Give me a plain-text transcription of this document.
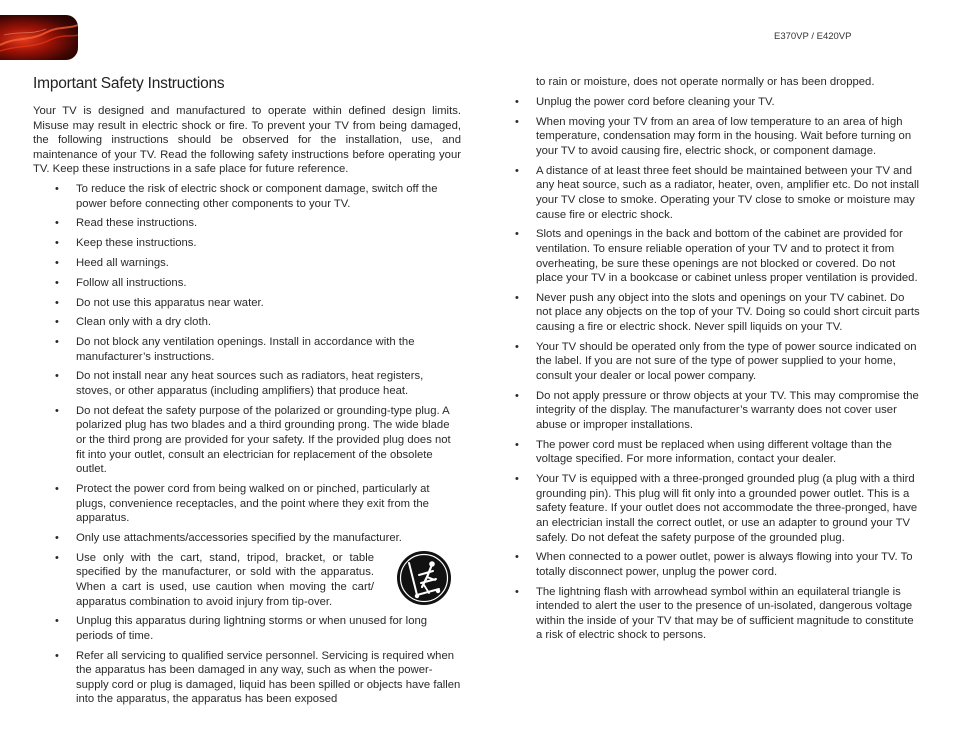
E370VP / E420VP
Important Safety Instructions

Your TV is designed and manufactured to operate within defined design limits. Misuse may result in electric shock or fire. To prevent your TV from being damaged, the following instructions should be observed for the installation, use, and maintenance of your TV. Read the following safety instructions before operating your TV. Keep these instructions in a safe place for future reference.

• To reduce the risk of electric shock or component damage, switch off the power before connecting other components to your TV.
• Read these instructions.
• Keep these instructions.
• Heed all warnings.
• Follow all instructions.
• Do not use this apparatus near water.
• Clean only with a dry cloth.
• Do not block any ventilation openings. Install in accordance with the manufacturer’s instructions.
• Do not install near any heat sources such as radiators, heat registers, stoves, or other apparatus (including amplifiers) that produce heat.
• Do not defeat the safety purpose of the polarized or grounding-type plug. A polarized plug has two blades and a third grounding prong. The wide blade or the third prong are provided for your safety. If the provided plug does not fit into your outlet, consult an electrician for replacement of the obsolete outlet.
• Protect the power cord from being walked on or pinched, particularly at plugs, convenience receptacles, and the point where they exit from the apparatus.
• Only use attachments/accessories specified by the manufacturer.
• Use only with the cart, stand, tripod, bracket, or table specified by the manufacturer, or sold with the apparatus. When a cart is used, use caution when moving the cart/ apparatus combination to avoid injury from tip-over.
• Unplug this apparatus during lightning storms or when unused for long periods of time.
• Refer all servicing to qualified service personnel. Servicing is required when the apparatus has been damaged in any way, such as when the power-supply cord or plug is damaged, liquid has been spilled or objects have fallen into the apparatus, the apparatus has been exposed

to rain or moisture, does not operate normally or has been dropped.

• Unplug the power cord before cleaning your TV.
• When moving your TV from an area of low temperature to an area of high temperature, condensation may form in the housing. Wait before turning on your TV to avoid causing fire, electric shock, or component damage.
• A distance of at least three feet should be maintained between your TV and any heat source, such as a radiator, heater, oven, amplifier etc. Do not install your TV close to smoke. Operating your TV close to smoke or moisture may cause fire or electric shock.
• Slots and openings in the back and bottom of the cabinet are provided for ventilation. To ensure reliable operation of your TV and to protect it from overheating, be sure these openings are not blocked or covered. Do not place your TV in a bookcase or cabinet unless proper ventilation is provided.
• Never push any object into the slots and openings on your TV cabinet. Do not place any objects on the top of your TV. Doing so could short circuit parts causing a fire or electric shock. Never spill liquids on your TV.
• Your TV should be operated only from the type of power source indicated on the label. If you are not sure of the type of power supplied to your home, consult your dealer or local power company.
• Do not apply pressure or throw objects at your TV. This may compromise the integrity of the display. The manufacturer’s warranty does not cover user abuse or improper installations.
• The power cord must be replaced when using different voltage than the voltage specified. For more information, contact your dealer.
• Your TV is equipped with a three-pronged grounded plug (a plug with a third grounding pin). This plug will fit only into a grounded power outlet. This is a safety feature. If your outlet does not accommodate the three-pronged, have an electrician install the correct outlet, or use an adapter to ground your TV safely. Do not defeat the safety purpose of the grounded plug.
• When connected to a power outlet, power is always flowing into your TV. To totally disconnect power, unplug the power cord.
• The lightning flash with arrowhead symbol within an equilateral triangle is intended to alert the user to the presence of un-isolated, dangerous voltage within the inside of your TV that may be of sufficient magnitude to constitute a risk of electric shock to persons.
